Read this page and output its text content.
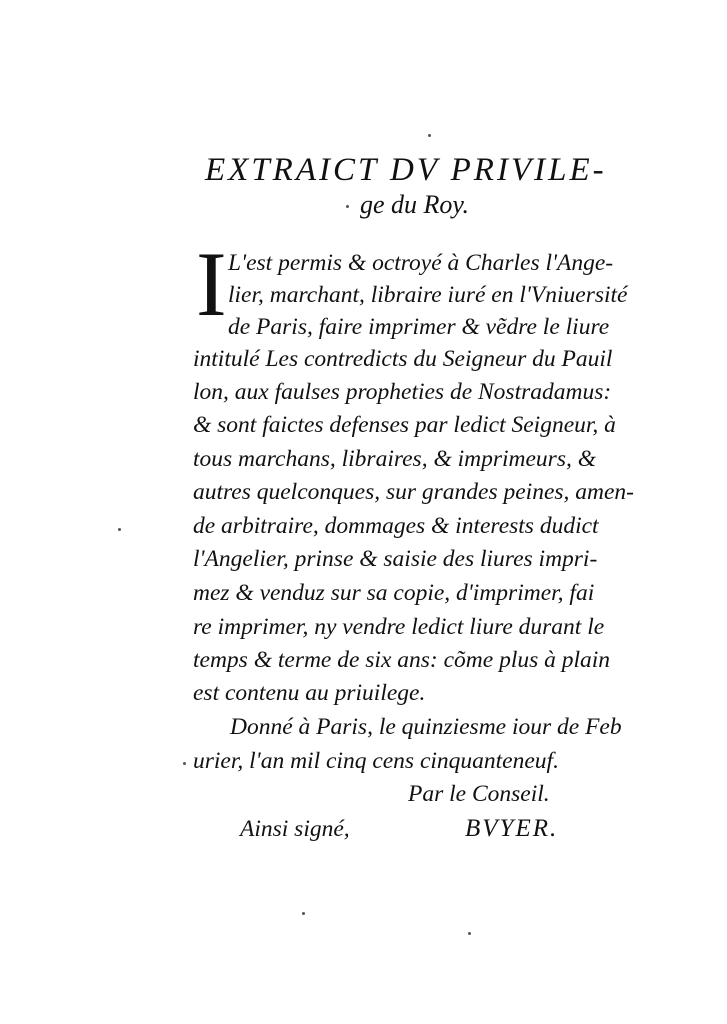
EXTRAICT DV PRIVILE-
ge du Roy.
I L'est permis & octroyé à Charles l'Ange-
lier, marchant, libraire iuré en l'Vniuersité
de Paris, faire imprimer & vẽdre le liure
intitulé Les contredicts du Seigneur du Pauil
lon, aux faulses propheties de Nostradamus:
& sont faictes defenses par ledict Seigneur, à
tous marchans, libraires, & imprimeurs, &
autres quelconques, sur grandes peines, amen-
de arbitraire, dommages & interests dudict
l'Angelier, prinse & saisie des liures impri-
mez & venduz sur sa copie, d'imprimer, fai
re imprimer, ny vendre ledict liure durant le
temps & terme de six ans: cõme plus à plain
est contenu au priuilege.
Donné à Paris, le quinziesme iour de Feb
urier, l'an mil cinq cens cinquanteneuf.
Par le Conseil.
Ainsi signé,	BVYER.
